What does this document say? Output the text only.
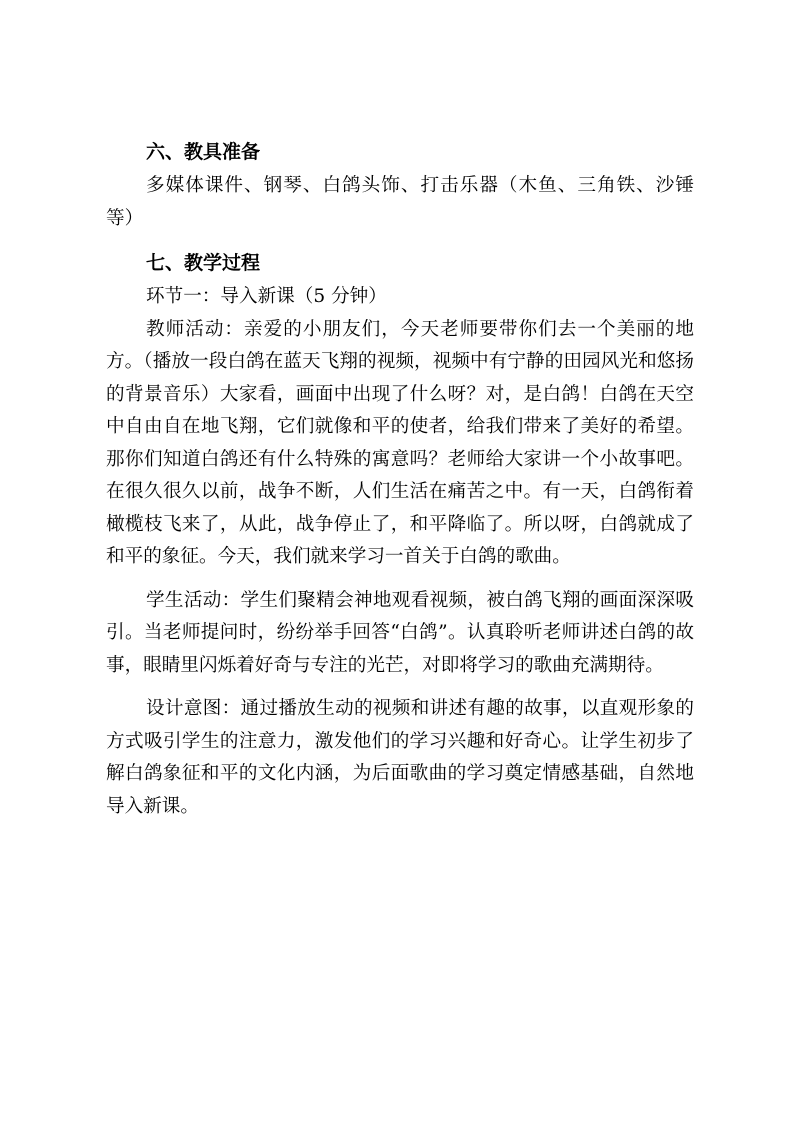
六、教具准备

多媒体课件、钢琴、白鸽头饰、打击乐器（木鱼、三角铁、沙锤等）

七、教学过程

环节一：导入新课（5 分钟）

教师活动：亲爱的小朋友们，今天老师要带你们去一个美丽的地方。（播放一段白鸽在蓝天飞翔的视频，视频中有宁静的田园风光和悠扬的背景音乐）大家看，画面中出现了什么呀？对，是白鸽！白鸽在天空中自由自在地飞翔，它们就像和平的使者，给我们带来了美好的希望。那你们知道白鸽还有什么特殊的寓意吗？老师给大家讲一个小故事吧。在很久很久以前，战争不断，人们生活在痛苦之中。有一天，白鸽衔着橄榄枝飞来了，从此，战争停止了，和平降临了。所以呀，白鸽就成了和平的象征。今天，我们就来学习一首关于白鸽的歌曲。

学生活动：学生们聚精会神地观看视频，被白鸽飞翔的画面深深吸引。当老师提问时，纷纷举手回答“白鸽”。认真聆听老师讲述白鸽的故事，眼睛里闪烁着好奇与专注的光芒，对即将学习的歌曲充满期待。

设计意图：通过播放生动的视频和讲述有趣的故事，以直观形象的方式吸引学生的注意力，激发他们的学习兴趣和好奇心。让学生初步了解白鸽象征和平的文化内涵，为后面歌曲的学习奠定情感基础，自然地导入新课。
